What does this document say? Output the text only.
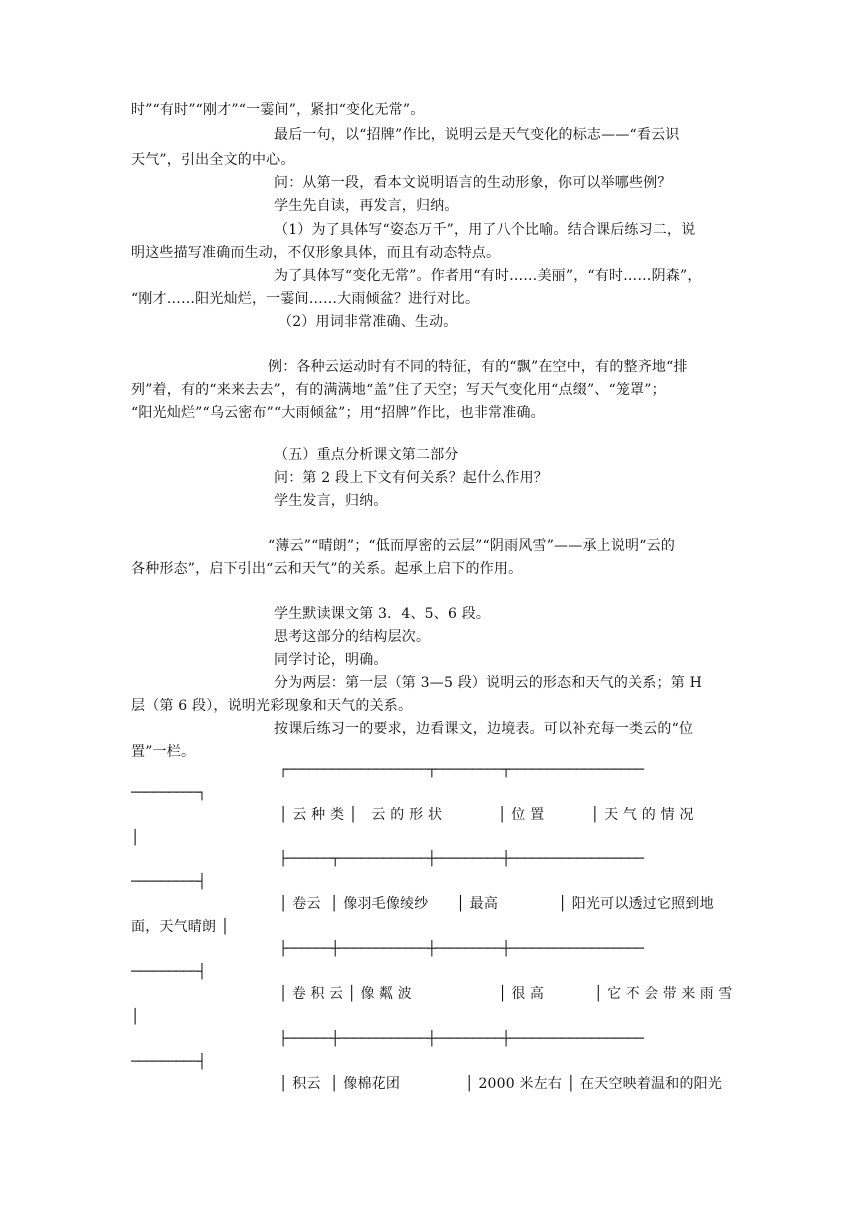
时”“有时”“刚才”“一霎间”，紧扣“变化无常”。
最后一句，以“招牌”作比，说明云是天气变化的标志——“看云识
天气”，引出全文的中心。
问：从第一段，看本文说明语言的生动形象，你可以举哪些例？
学生先自读，再发言，归纳。
（1）为了具体写“姿态万千”，用了八个比喻。结合课后练习二，说
明这些描写准确而生动，不仅形象具体，而且有动态特点。
为了具体写“变化无常”。作者用“有时……美丽”，“有时……阴森”，
“刚才……阳光灿烂，一霎间……大雨倾盆？进行对比。
（2）用词非常准确、生动。
例：各种云运动时有不同的特征，有的“飘”在空中，有的整齐地“排
列”着，有的“来来去去”，有的满满地“盖”住了天空；写天气变化用“点缀”、“笼罩”；
“阳光灿烂”“乌云密布”“大雨倾盆”；用“招牌”作比，也非常准确。
（五）重点分析课文第二部分
问：第 2 段上下文有何关系？起什么作用？
学生发言，归纳。
“薄云”“晴朗”；“低而厚密的云层”“阴雨风雪”——承上说明“云的
各种形态”，启下引出“云和天气”的关系。起承上启下的作用。
学生默读课文第 3．4、5、6 段。
思考这部分的结构层次。
同学讨论，明确。
分为两层：第一层（第 3—5 段）说明云的形态和天气的关系；第 H
层（第 6 段），说明光彩现象和天气的关系。
按课后练习一的要求，边看课文，边境表。可以补充每一类云的“位
置”一栏。
┌───────────────────┬─────────┬──────────────────
─────────┐
│ 云 种 类 │   云 的 形 状            │ 位 置          │ 天 气 的 情 况
│
├──────┬────────────┼─────────┼──────────────────
─────────┤
│ 卷云  │ 像羽毛像绫纱      │ 最高             │ 阳光可以透过它照到地
面，天气晴朗 │
├──────┼────────────┼─────────┼──────────────────
─────────┤
│ 卷 积 云 │ 像 粼 波                   │ 很 高           │ 它 不 会 带 来 雨 雪
│
├──────┼────────────┼─────────┼──────────────────
─────────┤
│ 积云  │ 像棉花团              │ 2000 米左右 │ 在天空映着温和的阳光
